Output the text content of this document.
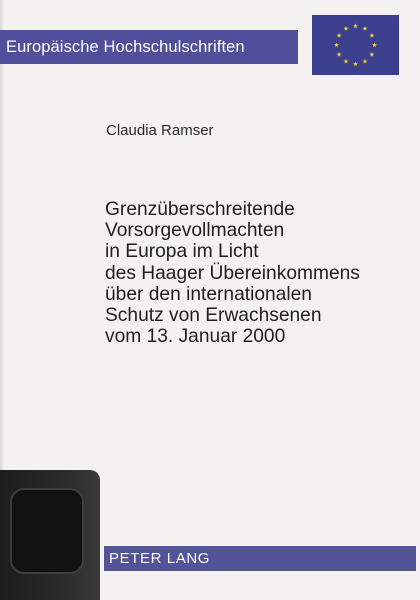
Europäische Hochschulschriften
Claudia Ramser
Grenzüberschreitende
Vorsorgevollmachten
in Europa im Licht
des Haager Übereinkommens
über den internationalen
Schutz von Erwachsenen
vom 13. Januar 2000
PETER LANG
